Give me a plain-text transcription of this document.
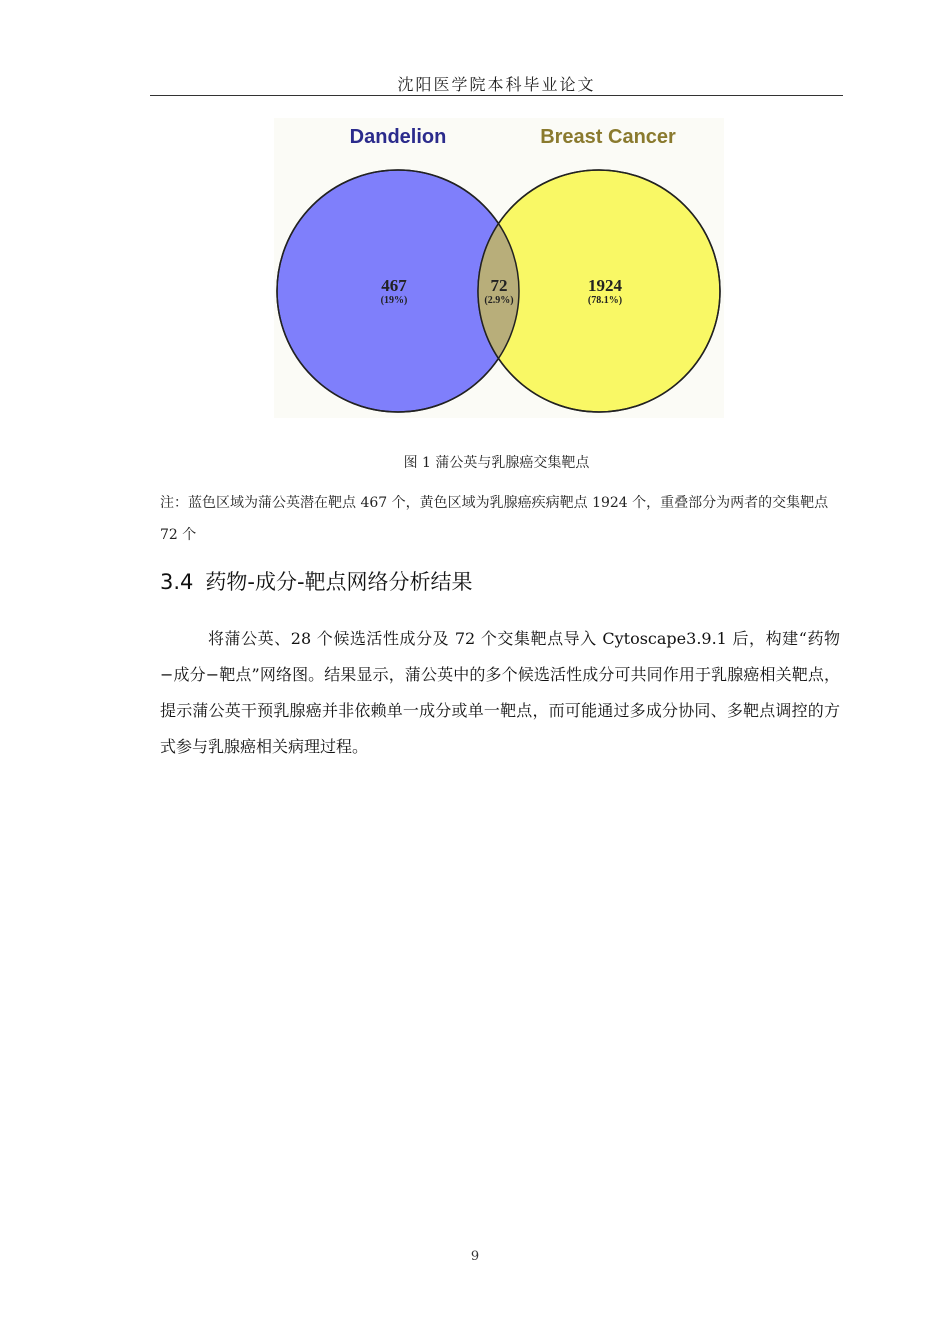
沈阳医学院本科毕业论文
Dandelion	Breast Cancer
467
(19%)
72
(2.9%)
1924
(78.1%)
图 1 蒲公英与乳腺癌交集靶点
注：蓝色区域为蒲公英潜在靶点 467 个，黄色区域为乳腺癌疾病靶点 1924 个，重叠部分为两者的交集靶点 72 个
3.4 药物-成分-靶点网络分析结果
将蒲公英、28 个候选活性成分及 72 个交集靶点导入 Cytoscape3.9.1 后，构建“药物−成分−靶点”网络图。结果显示，蒲公英中的多个候选活性成分可共同作用于乳腺癌相关靶点，提示蒲公英干预乳腺癌并非依赖单一成分或单一靶点，而可能通过多成分协同、多靶点调控的方式参与乳腺癌相关病理过程。
9
